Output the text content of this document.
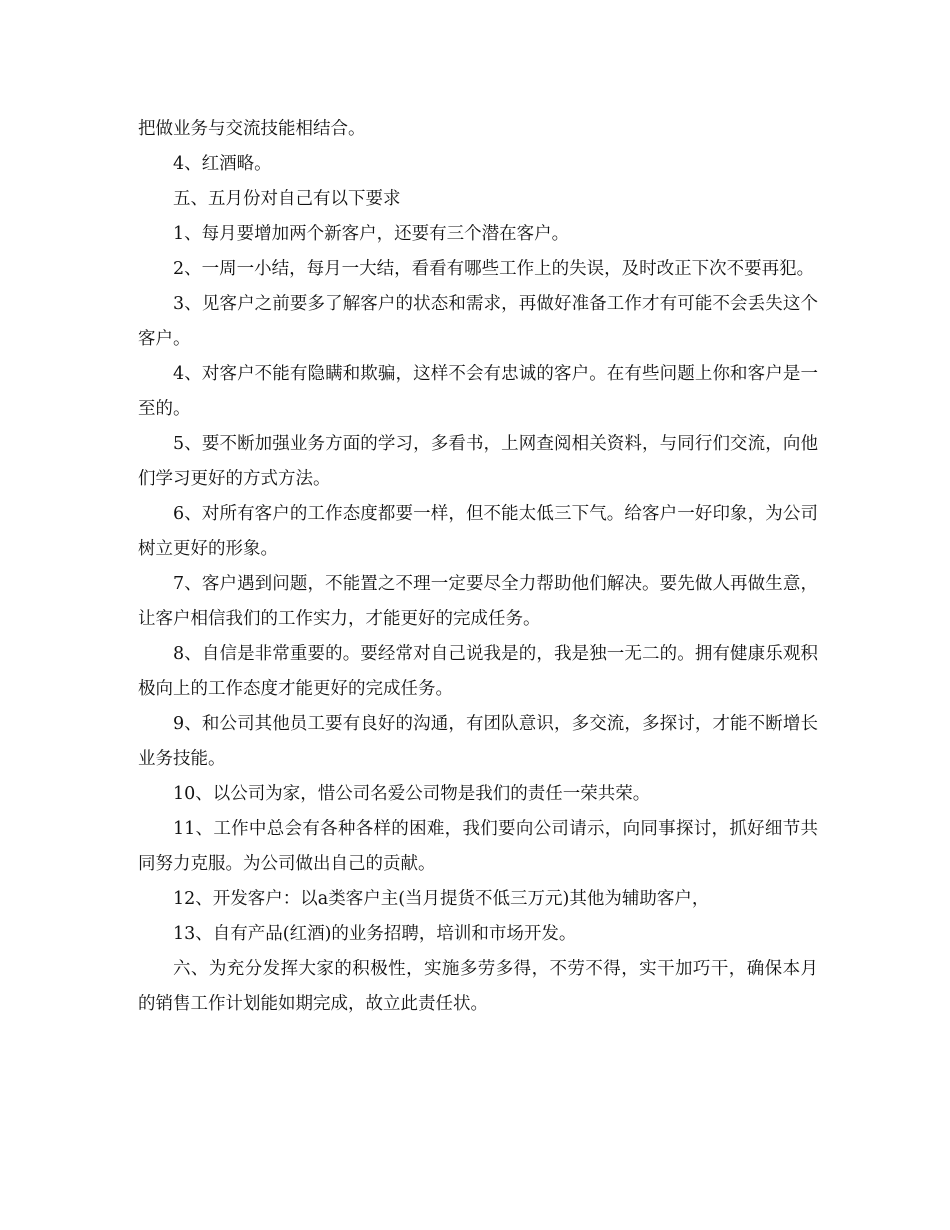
把做业务与交流技能相结合。

4、红酒略。

五、五月份对自己有以下要求

1、每月要增加两个新客户，还要有三个潜在客户。

2、一周一小结，每月一大结，看看有哪些工作上的失误，及时改正下次不要再犯。

3、见客户之前要多了解客户的状态和需求，再做好准备工作才有可能不会丢失这个客户。

4、对客户不能有隐瞒和欺骗，这样不会有忠诚的客户。在有些问题上你和客户是一至的。

5、要不断加强业务方面的学习，多看书，上网查阅相关资料，与同行们交流，向他们学习更好的方式方法。

6、对所有客户的工作态度都要一样，但不能太低三下气。给客户一好印象，为公司树立更好的形象。

7、客户遇到问题，不能置之不理一定要尽全力帮助他们解决。要先做人再做生意，让客户相信我们的工作实力，才能更好的完成任务。

8、自信是非常重要的。要经常对自己说我是的，我是独一无二的。拥有健康乐观积极向上的工作态度才能更好的完成任务。

9、和公司其他员工要有良好的沟通，有团队意识，多交流，多探讨，才能不断增长业务技能。

10、以公司为家，惜公司名爱公司物是我们的责任一荣共荣。

11、工作中总会有各种各样的困难，我们要向公司请示，向同事探讨，抓好细节共同努力克服。为公司做出自己的贡献。

12、开发客户：以a类客户主(当月提货不低三万元)其他为辅助客户，

13、自有产品(红酒)的业务招聘，培训和市场开发。

六、为充分发挥大家的积极性，实施多劳多得，不劳不得，实干加巧干，确保本月的销售工作计划能如期完成，故立此责任状。
